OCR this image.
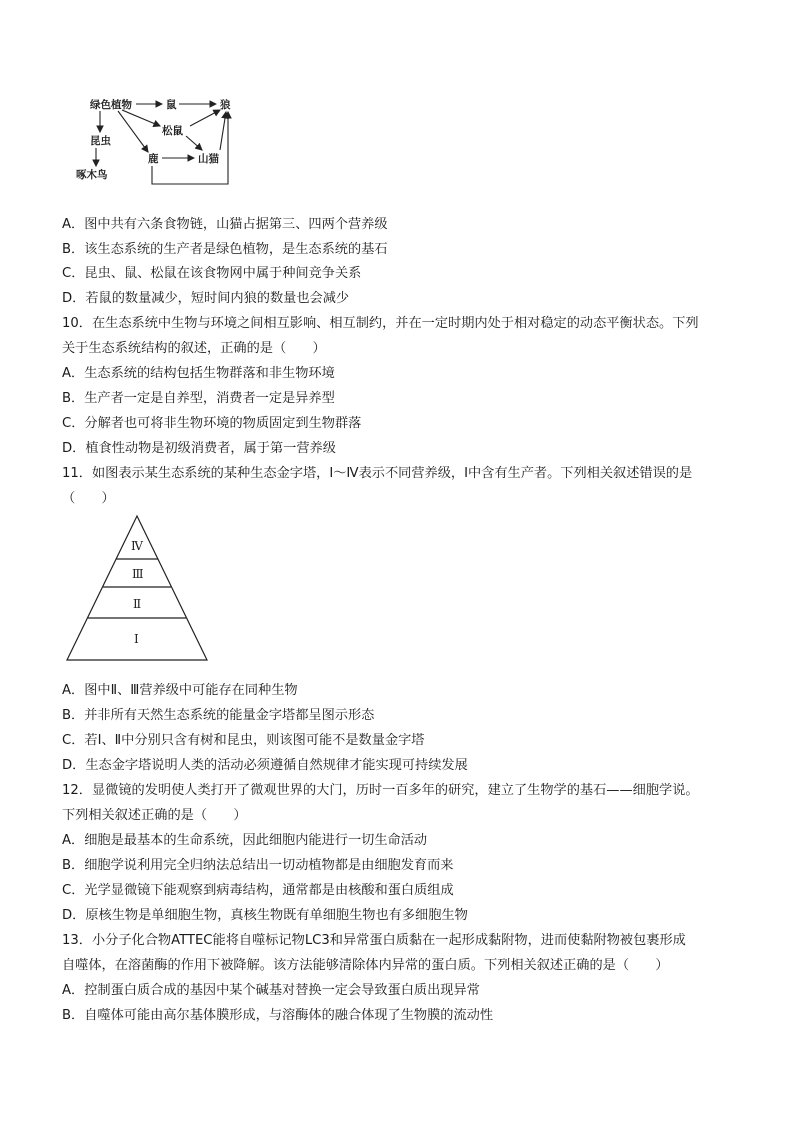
绿色植物	鼠	狼
昆虫
松鼠
啄木鸟
鹿	山猫
A．图中共有六条食物链，山猫占据第三、四两个营养级
B．该生态系统的生产者是绿色植物，是生态系统的基石
C．昆虫、鼠、松鼠在该食物网中属于种间竞争关系
D．若鼠的数量减少，短时间内狼的数量也会减少
10．在生态系统中生物与环境之间相互影响、相互制约，并在一定时期内处于相对稳定的动态平衡状态。下列
关于生态系统结构的叙述，正确的是（　　）
A．生态系统的结构包括生物群落和非生物环境
B．生产者一定是自养型，消费者一定是异养型
C．分解者也可将非生物环境的物质固定到生物群落
D．植食性动物是初级消费者，属于第一营养级
11．如图表示某生态系统的某种生态金字塔，Ⅰ～Ⅳ表示不同营养级，Ⅰ中含有生产者。下列相关叙述错误的是
（　　）
Ⅳ
Ⅲ
Ⅱ
Ⅰ
A．图中Ⅱ、Ⅲ营养级中可能存在同种生物
B．并非所有天然生态系统的能量金字塔都呈图示形态
C．若Ⅰ、Ⅱ中分别只含有树和昆虫，则该图可能不是数量金字塔
D．生态金字塔说明人类的活动必须遵循自然规律才能实现可持续发展
12．显微镜的发明使人类打开了微观世界的大门，历时一百多年的研究，建立了生物学的基石——细胞学说。
下列相关叙述正确的是（　　）
A．细胞是最基本的生命系统，因此细胞内能进行一切生命活动
B．细胞学说利用完全归纳法总结出一切动植物都是由细胞发育而来
C．光学显微镜下能观察到病毒结构，通常都是由核酸和蛋白质组成
D．原核生物是单细胞生物，真核生物既有单细胞生物也有多细胞生物
13．小分子化合物ATTEC能将自噬标记物LC3和异常蛋白质黏在一起形成黏附物，进而使黏附物被包裹形成
自噬体，在溶菌酶的作用下被降解。该方法能够清除体内异常的蛋白质。下列相关叙述正确的是（　　）
A．控制蛋白质合成的基因中某个碱基对替换一定会导致蛋白质出现异常
B．自噬体可能由高尔基体膜形成，与溶酶体的融合体现了生物膜的流动性
